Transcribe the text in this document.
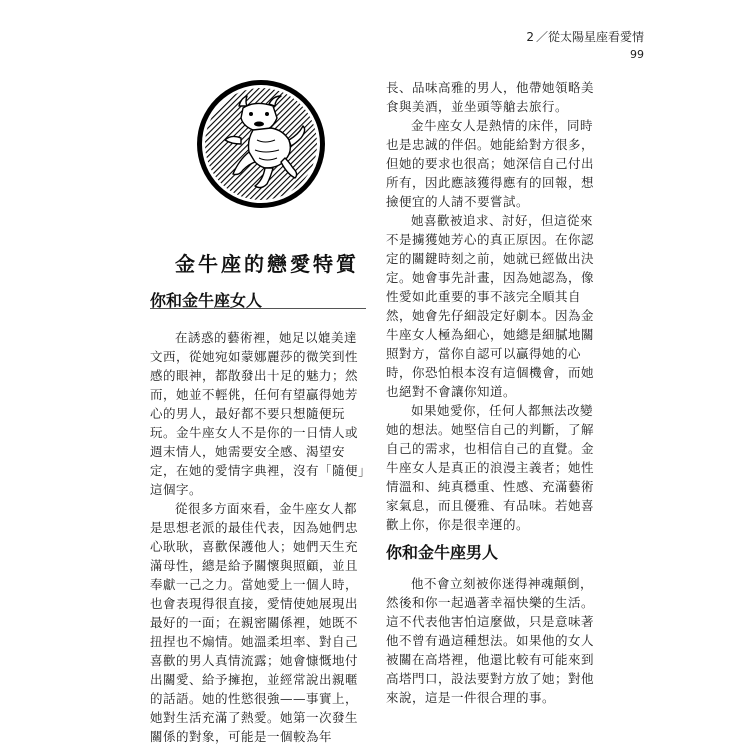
2 ／從太陽星座看愛情
99
金牛座的戀愛特質
你和金牛座女人

在誘惑的藝術裡，她足以媲美達文西，從她宛如蒙娜麗莎的微笑到性感的眼神，都散發出十足的魅力；然而，她並不輕佻，任何有望贏得她芳心的男人，最好都不要只想隨便玩玩。金牛座女人不是你的一日情人或週末情人，她需要安全感、渴望安定，在她的愛情字典裡，沒有「隨便」這個字。

從很多方面來看，金牛座女人都是思想老派的最佳代表，因為她們忠心耿耿，喜歡保護他人；她們天生充滿母性，總是給予關懷與照顧，並且奉獻一己之力。當她愛上一個人時，也會表現得很直接，愛情使她展現出最好的一面；在親密關係裡，她既不扭捏也不煽情。她溫柔坦率、對自己喜歡的男人真情流露；她會慷慨地付出關愛、給予擁抱，並經常說出親暱的話語。她的性慾很強——事實上，她對生活充滿了熱愛。她第一次發生關係的對象，可能是一個較為年

長、品味高雅的男人，他帶她領略美食與美酒，並坐頭等艙去旅行。

金牛座女人是熱情的床伴，同時也是忠誠的伴侶。她能給對方很多，但她的要求也很高；她深信自己付出所有，因此應該獲得應有的回報，想撿便宜的人請不要嘗試。

她喜歡被追求、討好，但這從來不是擄獲她芳心的真正原因。在你認定的關鍵時刻之前，她就已經做出決定。她會事先計畫，因為她認為，像性愛如此重要的事不該完全順其自然，她會先仔細設定好劇本。因為金牛座女人極為細心，她總是細膩地關照對方，當你自認可以贏得她的心時，你恐怕根本沒有這個機會，而她也絕對不會讓你知道。

如果她愛你，任何人都無法改變她的想法。她堅信自己的判斷，了解自己的需求，也相信自己的直覺。金牛座女人是真正的浪漫主義者；她性情溫和、純真穩重、性感、充滿藝術家氣息，而且優雅、有品味。若她喜歡上你，你是很幸運的。

你和金牛座男人

他不會立刻被你迷得神魂顛倒，然後和你一起過著幸福快樂的生活。這不代表他害怕這麼做，只是意味著他不曾有過這種想法。如果他的女人被關在高塔裡，他還比較有可能來到高塔門口，設法要對方放了她；對他來說，這是一件很合理的事。
